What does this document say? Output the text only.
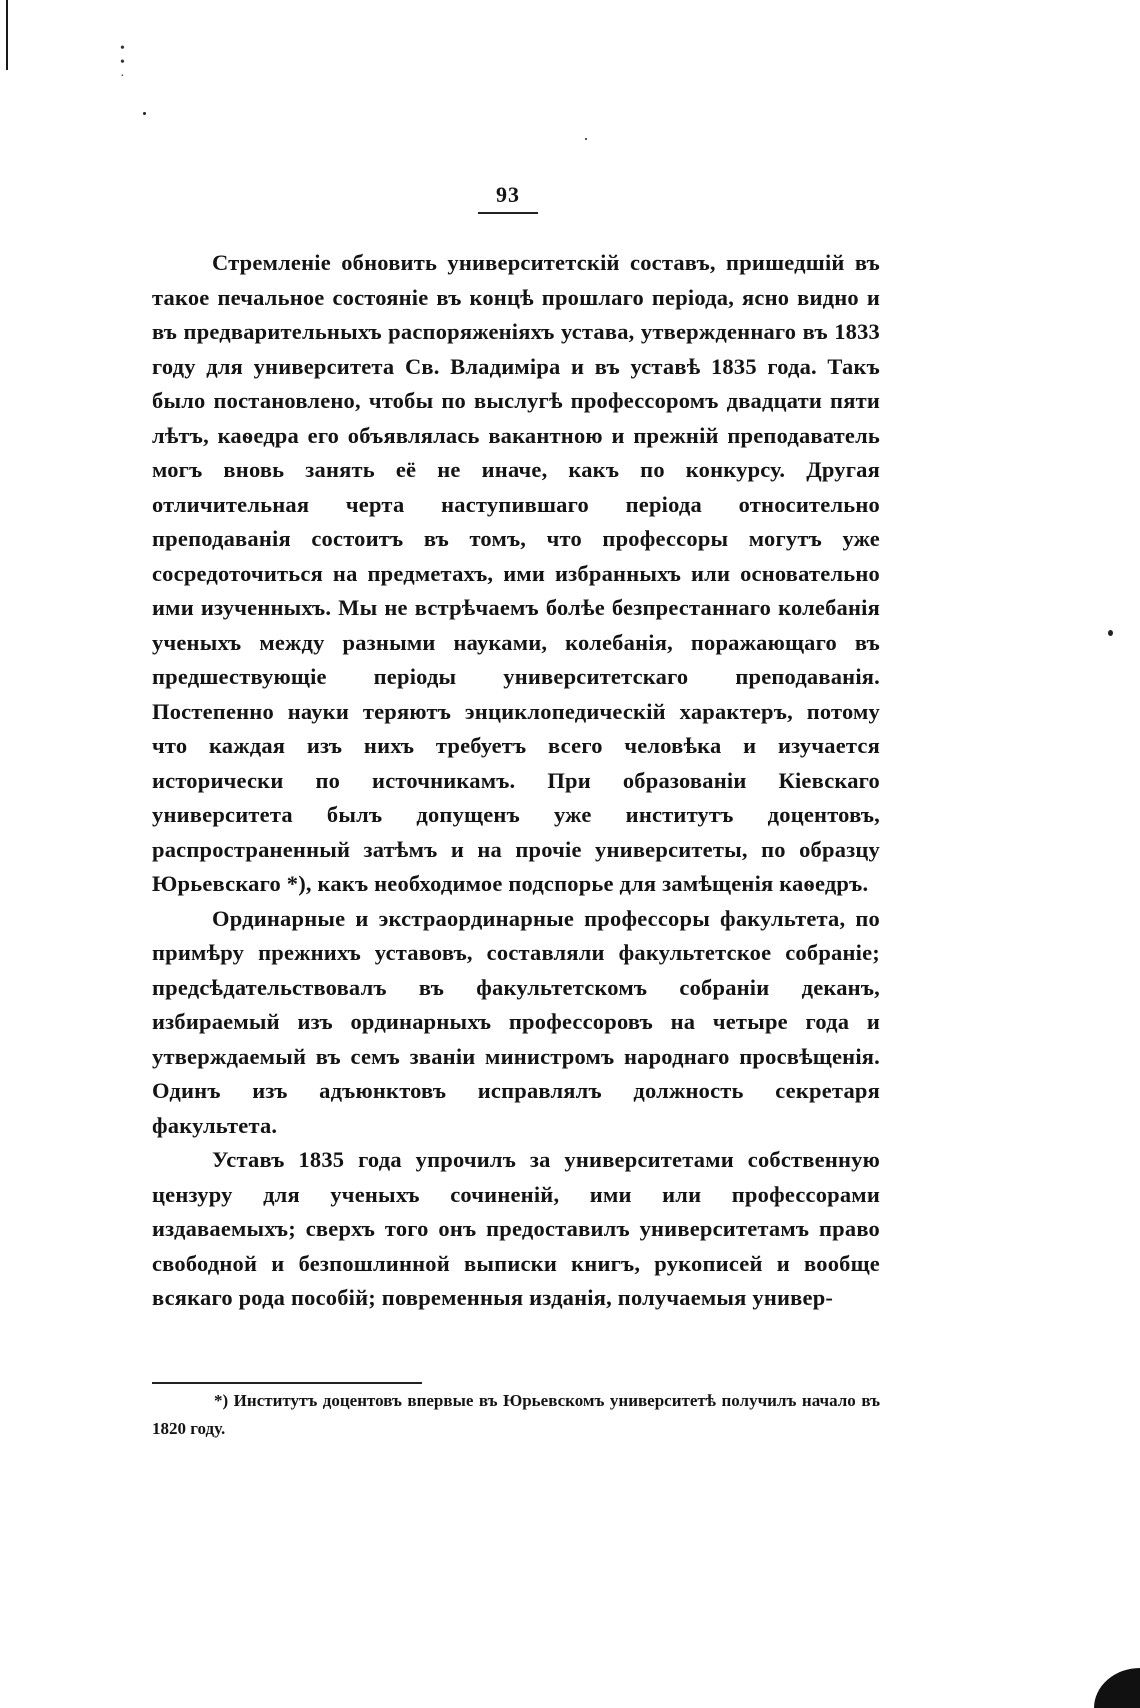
•
•
·
93

Стремленіе обновить университетскій составъ, пришедшій въ такое печальное состояніе въ концѣ прошлаго періода, ясно видно и въ предварительныхъ распоряженіяхъ устава, утвержденнаго въ 1833 году для университета Св. Владиміра и въ уставѣ 1835 года. Такъ было постановлено, чтобы по выслугѣ профессоромъ двадцати пяти лѣтъ, каѳедра его объявлялась вакантною и прежній преподаватель могъ вновь занять её не иначе, какъ по конкурсу. Другая отличительная черта наступившаго періода относительно преподаванія состоитъ въ томъ, что профессоры могутъ уже сосредоточиться на предметахъ, ими избранныхъ или основательно ими изученныхъ. Мы не встрѣчаемъ болѣе безпрестаннаго колебанія ученыхъ между разными науками, колебанія, поражающаго въ предшествующіе періоды университетскаго преподаванія. Постепенно науки теряютъ энциклопедическій характеръ, потому что каждая изъ нихъ требуетъ всего человѣка и изучается исторически по источникамъ. При образованіи Кіевскаго университета былъ допущенъ уже институтъ доцентовъ, распространенный затѣмъ и на прочіе университеты, по образцу Юрьевскаго *), какъ необходимое подспорье для замѣщенія каѳедръ.

Ординарные и экстраординарные профессоры факультета, по примѣру прежнихъ уставовъ, составляли факультетское собраніе; предсѣдательствовалъ въ факультетскомъ собраніи деканъ, избираемый изъ ординарныхъ профессоровъ на четыре года и утверждаемый въ семъ званіи министромъ народнаго просвѣщенія. Одинъ изъ адъюнктовъ исправлялъ должность секретаря факультета.

Уставъ 1835 года упрочилъ за университетами собственную цензуру для ученыхъ сочиненій, ими или профессорами издаваемыхъ; сверхъ того онъ предоставилъ университетамъ право свободной и безпошлинной выписки книгъ, рукописей и вообще всякаго рода пособій; повременныя изданія, получаемыя универ-

*) Институтъ доцентовъ впервые въ Юрьевскомъ университетѣ получилъ начало въ 1820 году.
